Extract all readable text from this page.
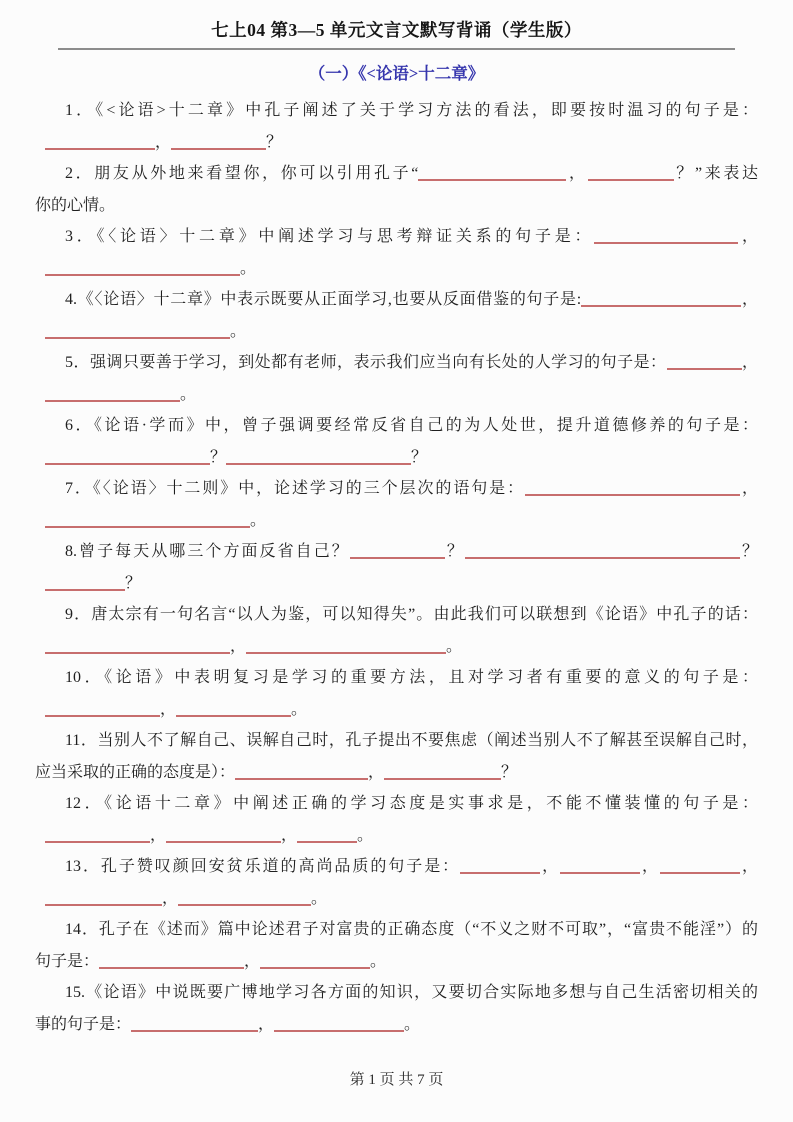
七上04 第3—5 单元文言文默写背诵（学生版）
（一）《<论语>十二章》
1．《<论语>十二章》中孔子阐述了关于学习方法的看法，即要按时温习的句子是：
，	？
2．朋友从外地来看望你，你可以引用孔子“	，	？”来表达
你的心情。
3．《〈论语〉十二章》中阐述学习与思考辩证关系的句子是：	，
。
4.《〈论语〉十二章》中表示既要从正面学习,也要从反面借鉴的句子是:	，
。
5．强调只要善于学习，到处都有老师，表示我们应当向有长处的人学习的句子是：	，
。
6．《论语·学而》中，曾子强调要经常反省自己的为人处世，提升道德修养的句子是：
？	？
7．《〈论语〉十二则》中，论述学习的三个层次的语句是：	，
。
8.曾子每天从哪三个方面反省自己？	？	？
？
9．唐太宗有一句名言“以人为鉴，可以知得失”。由此我们可以联想到《论语》中孔子的话：
，	。
10．《论语》中表明复习是学习的重要方法，且对学习者有重要的意义的句子是：
，	。
11．当别人不了解自己、误解自己时，孔子提出不要焦虑（阐述当别人不了解甚至误解自己时，
应当采取的正确的态度是）：	，	？
12．《论语十二章》中阐述正确的学习态度是实事求是，不能不懂装懂的句子是：
，	，	。
13．孔子赞叹颜回安贫乐道的高尚品质的句子是：	，	，	，
，	。
14．孔子在《述而》篇中论述君子对富贵的正确态度（“不义之财不可取”，“富贵不能淫”）的
句子是：	，	。
15.《论语》中说既要广博地学习各方面的知识，又要切合实际地多想与自己生活密切相关的
事的句子是：	，	。
第 1 页 共 7 页
